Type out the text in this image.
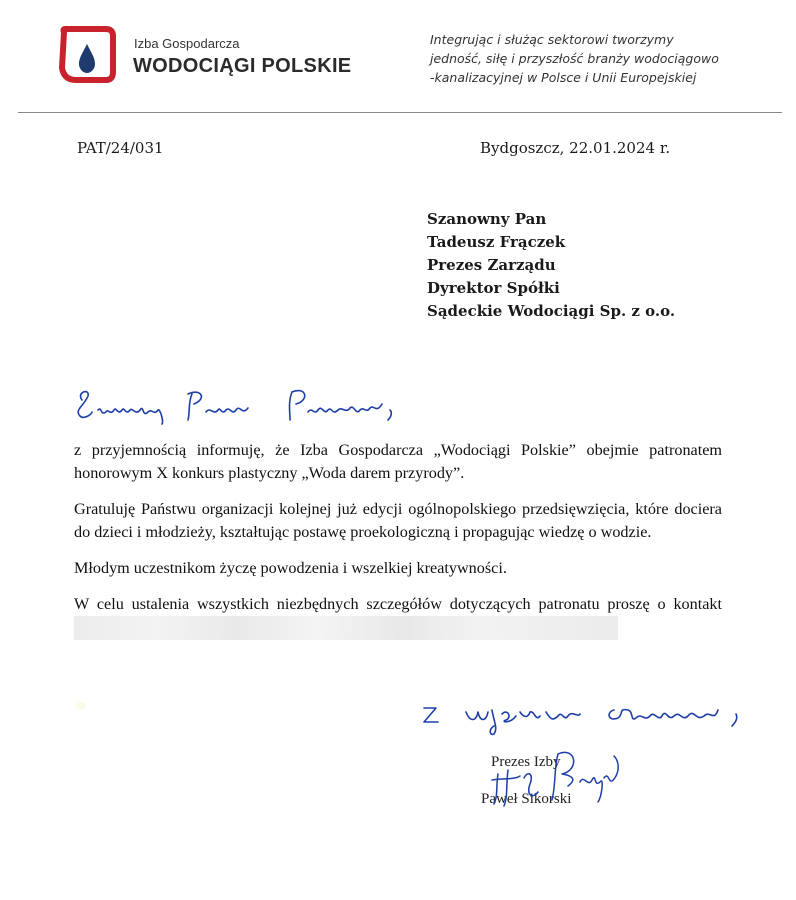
Izba Gospodarcza
WODOCIĄGI POLSKIE
Integrując i służąc sektorowi tworzymy
jedność, siłę i przyszłość branży wodociągowo
-kanalizacyjnej w Polsce i Unii Europejskiej
PAT/24/031	Bydgoszcz, 22.01.2024 r.
Szanowny Pan
Tadeusz Frączek
Prezes Zarządu
Dyrektor Spółki
Sądeckie Wodociągi Sp. z o.o.
Szanowny Panie Prezesie,

z przyjemnością informuję, że Izba Gospodarcza „Wodociągi Polskie” obejmie patronatem honorowym X konkurs plastyczny „Woda darem przyrody”.

Gratuluję Państwu organizacji kolejnej już edycji ogólnopolskiego przedsięwzięcia, które dociera do dzieci i młodzieży, kształtując postawę proekologiczną i propagując wiedzę o wodzie.

Młodym uczestnikom życzę powodzenia i wszelkiej kreatywności.

W celu ustalenia wszystkich niezbędnych szczegółów dotyczących patronatu proszę o kontakt

z wyrazami szacunku,
Prezes Izby
Paweł Sikorski
